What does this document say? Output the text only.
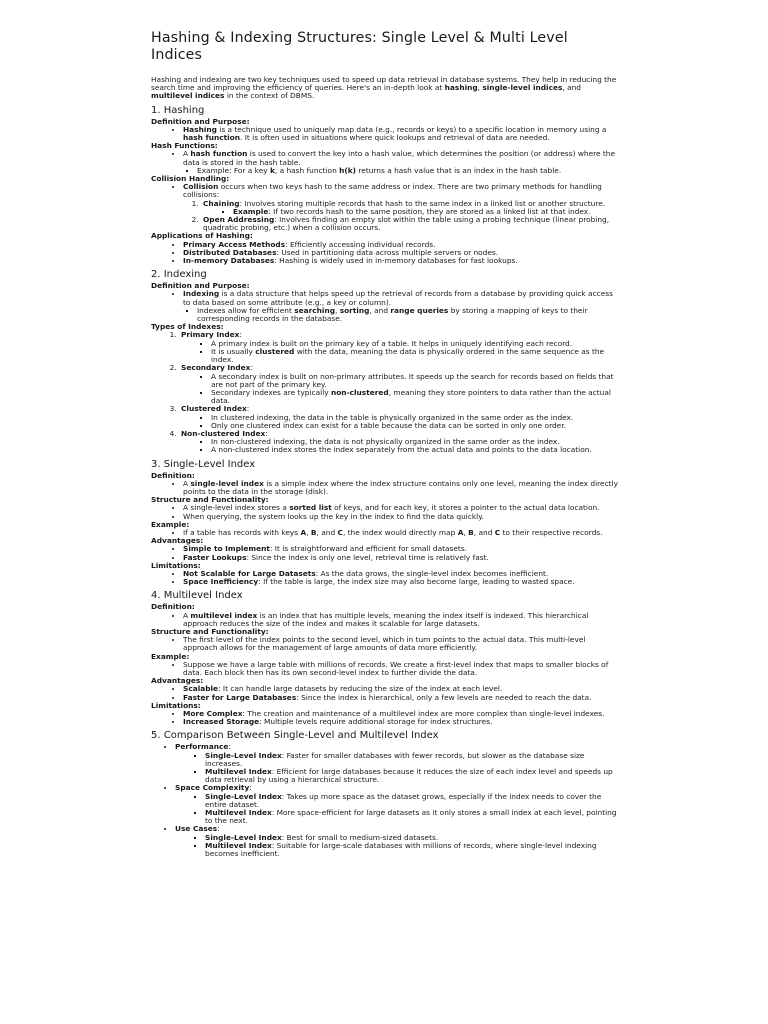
Hashing & Indexing Structures: Single Level & Multi Level Indices

Hashing and indexing are two key techniques used to speed up data retrieval in database systems. They help in reducing the search time and improving the efficiency of queries. Here's an in-depth look at hashing, single-level indices, and multilevel indices in the context of DBMS.

1. Hashing
Definition and Purpose:
• Hashing is a technique used to uniquely map data (e.g., records or keys) to a specific location in memory using a hash function. It is often used in situations where quick lookups and retrieval of data are needed.
Hash Functions:
• A hash function is used to convert the key into a hash value, which determines the position (or address) where the data is stored in the hash table.
▪ Example: For a key k, a hash function h(k) returns a hash value that is an index in the hash table.
Collision Handling:
• Collision occurs when two keys hash to the same address or index. There are two primary methods for handling collisions:
1. Chaining: Involves storing multiple records that hash to the same index in a linked list or another structure.
▪ Example: If two records hash to the same position, they are stored as a linked list at that index.
2. Open Addressing: Involves finding an empty slot within the table using a probing technique (linear probing, quadratic probing, etc.) when a collision occurs.
Applications of Hashing:
• Primary Access Methods: Efficiently accessing individual records.
• Distributed Databases: Used in partitioning data across multiple servers or nodes.
• In-memory Databases: Hashing is widely used in in-memory databases for fast lookups.
2. Indexing
Definition and Purpose:
• Indexing is a data structure that helps speed up the retrieval of records from a database by providing quick access to data based on some attribute (e.g., a key or column).
▪ Indexes allow for efficient searching, sorting, and range queries by storing a mapping of keys to their corresponding records in the database.
Types of Indexes:
1. Primary Index:
▪ A primary index is built on the primary key of a table. It helps in uniquely identifying each record.
▪ It is usually clustered with the data, meaning the data is physically ordered in the same sequence as the index.
2. Secondary Index:
▪ A secondary index is built on non-primary attributes. It speeds up the search for records based on fields that are not part of the primary key.
▪ Secondary indexes are typically non-clustered, meaning they store pointers to data rather than the actual data.
3. Clustered Index:
▪ In clustered indexing, the data in the table is physically organized in the same order as the index.
▪ Only one clustered index can exist for a table because the data can be sorted in only one order.
4. Non-clustered Index:
▪ In non-clustered indexing, the data is not physically organized in the same order as the index.
▪ A non-clustered index stores the index separately from the actual data and points to the data location.
3. Single-Level Index
Definition:
• A single-level index is a simple index where the index structure contains only one level, meaning the index directly points to the data in the storage (disk).
Structure and Functionality:
• A single-level index stores a sorted list of keys, and for each key, it stores a pointer to the actual data location.
• When querying, the system looks up the key in the index to find the data quickly.
Example:
• If a table has records with keys A, B, and C, the index would directly map A, B, and C to their respective records.
Advantages:
• Simple to Implement: It is straightforward and efficient for small datasets.
• Faster Lookups: Since the index is only one level, retrieval time is relatively fast.
Limitations:
• Not Scalable for Large Datasets: As the data grows, the single-level index becomes inefficient.
• Space Inefficiency: If the table is large, the index size may also become large, leading to wasted space.
4. Multilevel Index
Definition:
• A multilevel index is an index that has multiple levels, meaning the index itself is indexed. This hierarchical approach reduces the size of the index and makes it scalable for large datasets.
Structure and Functionality:
• The first level of the index points to the second level, which in turn points to the actual data. This multi-level approach allows for the management of large amounts of data more efficiently.
Example:
• Suppose we have a large table with millions of records. We create a first-level index that maps to smaller blocks of data. Each block then has its own second-level index to further divide the data.
Advantages:
• Scalable: It can handle large datasets by reducing the size of the index at each level.
• Faster for Large Databases: Since the index is hierarchical, only a few levels are needed to reach the data.
Limitations:
• More Complex: The creation and maintenance of a multilevel index are more complex than single-level indexes.
• Increased Storage: Multiple levels require additional storage for index structures.
5. Comparison Between Single-Level and Multilevel Index
• Performance:
▪ Single-Level Index: Faster for smaller databases with fewer records, but slower as the database size increases.
▪ Multilevel Index: Efficient for large databases because it reduces the size of each index level and speeds up data retrieval by using a hierarchical structure.
• Space Complexity:
▪ Single-Level Index: Takes up more space as the dataset grows, especially if the index needs to cover the entire dataset.
▪ Multilevel Index: More space-efficient for large datasets as it only stores a small index at each level, pointing to the next.
• Use Cases:
▪ Single-Level Index: Best for small to medium-sized datasets.
▪ Multilevel Index: Suitable for large-scale databases with millions of records, where single-level indexing becomes inefficient.
